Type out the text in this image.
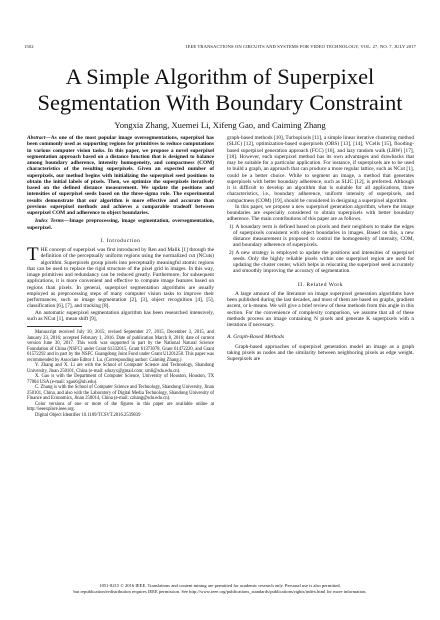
1502	IEEE TRANSACTIONS ON CIRCUITS AND SYSTEMS FOR VIDEO TECHNOLOGY, VOL. 27, NO. 7, JULY 2017
A Simple Algorithm of Superpixel Segmentation With Boundary Constraint
Yongxia Zhang, Xuemei Li, Xifeng Gao, and Caiming Zhang

Abstract—As one of the most popular image oversegmentations, superpixel has been commonly used as supporting regions for primitives to reduce computations in various computer vision tasks. In this paper, we propose a novel superpixel segmentation approach based on a distance function that is designed to balance among boundary adherence, intensity homogeneity, and compactness (COM) characteristics of the resulting superpixels. Given an expected number of superpixels, our method begins with initializing the superpixel seed positions to obtain the initial labels of pixels. Then, we optimize the superpixels iteratively based on the defined distance measurement. We update the positions and intensities of superpixel seeds based on the three-sigma rule. The experimental results demonstrate that our algorithm is more effective and accurate than previous superpixel methods and achieves a comparable tradeoff between superpixel COM and adherence to object boundaries.

Index Terms—Image preprocessing, image segmentation, oversegmentation, superpixel.

I. Introduction

THE concept of superpixel was first introduced by Ren and Malik [1] through the definition of the perceptually uniform regions using the normalized cut (NCuts) algorithm. Superpixels group pixels into perceptually meaningful atomic regions that can be used to replace the rigid structure of the pixel grid in images. In this way, image primitives and redundancy can be reduced greatly. Furthermore, for subsequent applications, it is more convenient and effective to compute image features based on regions than pixels. In general, superpixel segmentation algorithms are usually employed as preprocessing steps of many computer vision tasks to improve their performances, such as image segmentation [2], [3], object recognition [4], [5], classification [6], [7], and tracking [8].

An automatic superpixel segmentation algorithm has been researched intensively, such as NCut [1], mean shift [9],

Manuscript received July 10, 2015; revised September 27, 2015, December 3, 2015, and January 23, 2016; accepted February 1, 2016. Date of publication March 8, 2016; date of current version June 30, 2017. This work was supported in part by the National Natural Science Foundation of China (NSFC) under Grant 61332015, Grant 61373078, Grant 61472220, and Grant 61572292 and in part by the NSFC Guangdong Joint Fund under Grant U1201258. This paper was recommended by Associate Editor J. Lu. (Corresponding author: Caiming Zhang.)

Y. Zhang and X. Li are with the School of Computer Science and Technology, Shandong University, Jinan 250101, China (e-mail: sduzyx@gmail.com; xmli@sdu.edu.cn).

X. Gao is with the Department of Computer Science, University of Houston, Houston, TX 77004 USA (e-mail: xgao6@uh.edu).

C. Zhang is with the School of Computer Science and Technology, Shandong University, Jinan 250101, China, and also with the Laboratory of Digital Media Technology, Shandong University of Finance and Economics, Jinan 250014, China (e-mail: czhang@sdu.edu.cn).

Color versions of one or more of the figures in this paper are available online at http://ieeexplore.ieee.org.

Digital Object Identifier 10.1109/TCSVT.2016.2539839

graph-based methods [10], Turbopixels [11], a simple linear iterative clustering method (SLIC) [12], optimization-based superpixels (OBS) [13], [14], VCells [15], flooding-based superpixel generation approach (FCC) [16], and lazy random walk (LRW) [17], [18]. However, each superpixel method has its own advantages and drawbacks that may be suitable for a particular application. For instance, if superpixels are to be used to build a graph, an approach that can produce a more regular lattice, such as NCut [1], could be a better choice. While to segment an image, a method that generates superpixels with better boundary adherence, such as SLIC [12], is preferred. Although it is difficult to develop an algorithm that is suitable for all applications, three characteristics, i.e., boundary adherence, uniform intensity of superpixels, and compactness (COM) [19], should be considered in designing a superpixel algorithm.

In this paper, we propose a new superpixel generation algorithm, where the image boundaries are especially considered to obtain superpixels with better boundary adherence. The main contributions of this paper are as follows.

1) A boundary term is defined based on pixels and their neighbors to make the edges of superpixels consistent with object boundaries in images. Based on this, a new distance measurement is proposed to control the homogeneity of intensity, COM, and boundary adherence of superpixels.

2) A new strategy is employed to update the positions and intensities of superpixel seeds. Only the highly reliable pixels within one superpixel region are used for updating the cluster center, which helps in relocating the superpixel seed accurately and smoothly improving the accuracy of segmentation.

II. Related Work

A large amount of the literature on image superpixel generation algorithms have been published during the last decades, and most of them are based on graphs, gradient ascent, or k-means. We will give a brief review of these methods from this angle in this section. For the convenience of complexity comparison, we assume that all of these methods process an image containing N pixels and generate K superpixels with n iterations if necessary.

A. Graph-Based Methods

Graph-based approaches of superpixel generation model an image as a graph taking pixels as nodes and the similarity between neighboring pixels as edge weight. Superpixels are

1051-8215 © 2016 IEEE. Translations and content mining are permitted for academic research only. Personal use is also permitted,
but republication/redistribution requires IEEE permission. See http://www.ieee.org/publications_standards/publications/rights/index.html for more information.
